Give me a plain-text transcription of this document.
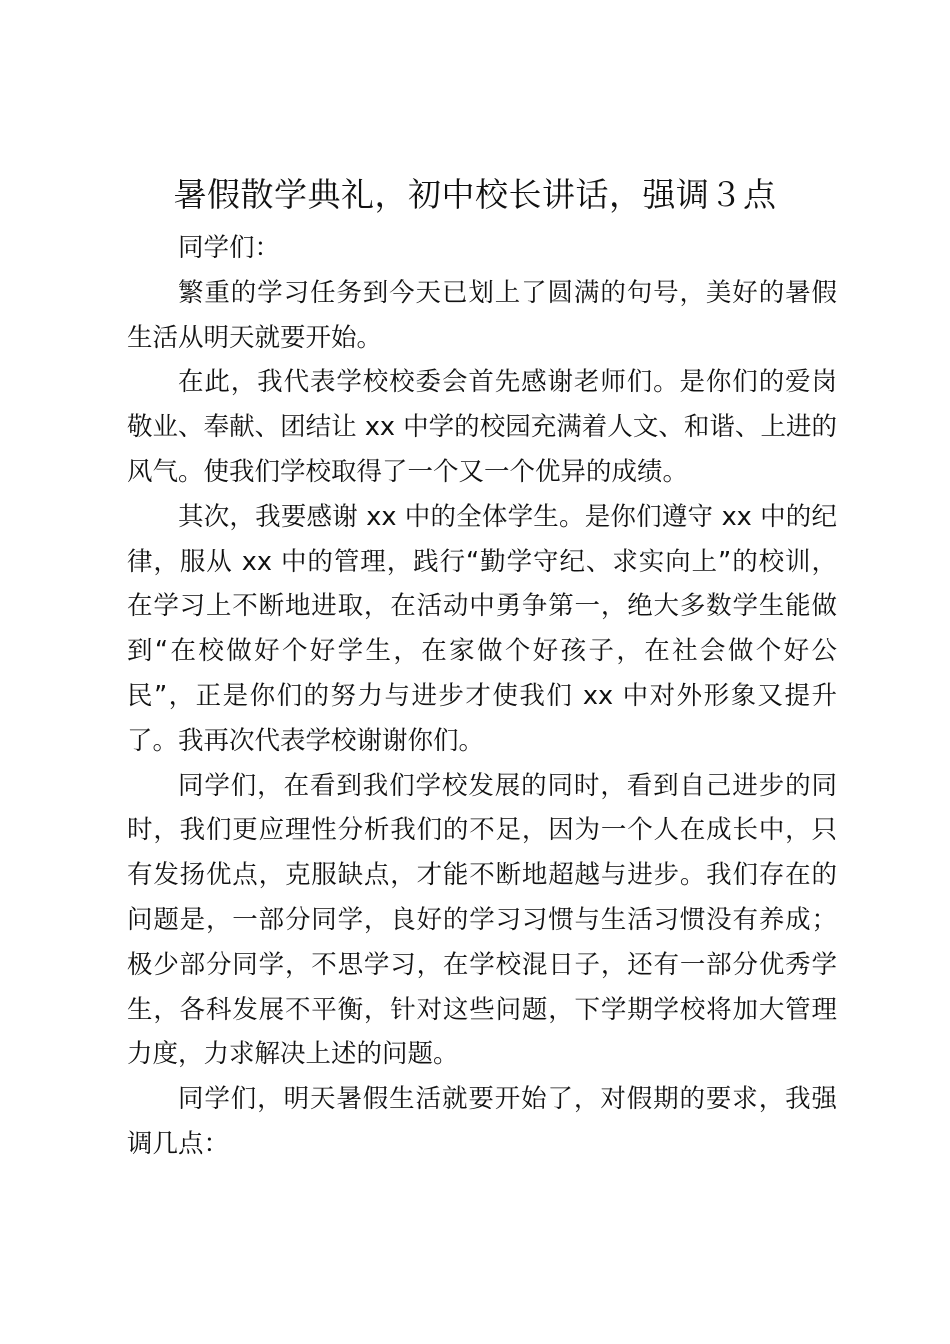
暑假散学典礼，初中校长讲话，强调３点

同学们：

繁重的学习任务到今天已划上了圆满的句号，美好的暑假生活从明天就要开始。

在此，我代表学校校委会首先感谢老师们。是你们的爱岗敬业、奉献、团结让 xx 中学的校园充满着人文、和谐、上进的风气。使我们学校取得了一个又一个优异的成绩。

其次，我要感谢 xx 中的全体学生。是你们遵守 xx 中的纪律，服从 xx 中的管理，践行“勤学守纪、求实向上”的校训，在学习上不断地进取，在活动中勇争第一，绝大多数学生能做到“在校做好个好学生，在家做个好孩子，在社会做个好公民”，正是你们的努力与进步才使我们 xx 中对外形象又提升了。我再次代表学校谢谢你们。

同学们，在看到我们学校发展的同时，看到自己进步的同时，我们更应理性分析我们的不足，因为一个人在成长中，只有发扬优点，克服缺点，才能不断地超越与进步。我们存在的问题是，一部分同学，良好的学习习惯与生活习惯没有养成；极少部分同学，不思学习，在学校混日子，还有一部分优秀学生，各科发展不平衡，针对这些问题，下学期学校将加大管理力度，力求解决上述的问题。

同学们，明天暑假生活就要开始了，对假期的要求，我强调几点：
